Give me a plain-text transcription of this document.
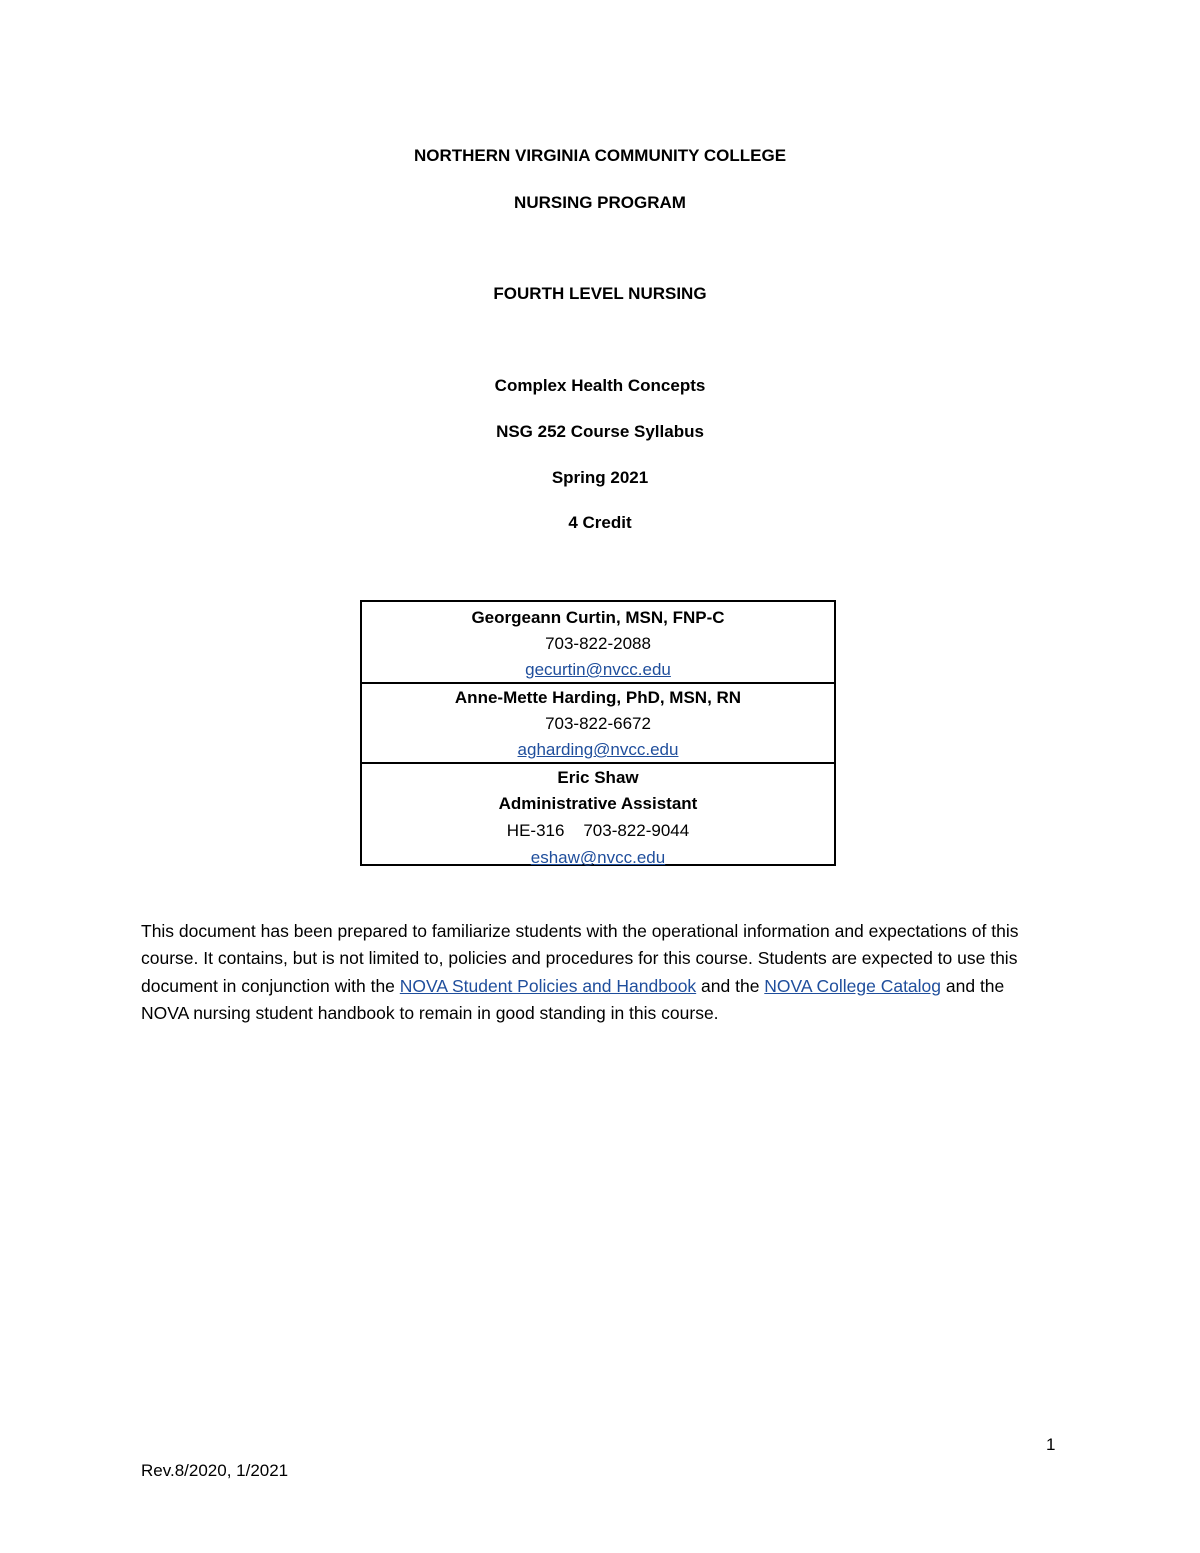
NORTHERN VIRGINIA COMMUNITY COLLEGE
NURSING PROGRAM
FOURTH LEVEL NURSING
Complex Health Concepts
NSG 252 Course Syllabus
Spring 2021
4 Credit
Georgeann Curtin, MSN, FNP-C
703-822-2088
gecurtin@nvcc.edu
Anne-Mette Harding, PhD, MSN, RN
703-822-6672
agharding@nvcc.edu
Eric Shaw
Administrative Assistant
HE-316    703-822-9044
eshaw@nvcc.edu
This document has been prepared to familiarize students with the operational information and expectations of this course. It contains, but is not limited to, policies and procedures for this course. Students are expected to use this document in conjunction with the NOVA Student Policies and Handbook and the NOVA College Catalog and the NOVA nursing student handbook to remain in good standing in this course.
1
Rev.8/2020, 1/2021
